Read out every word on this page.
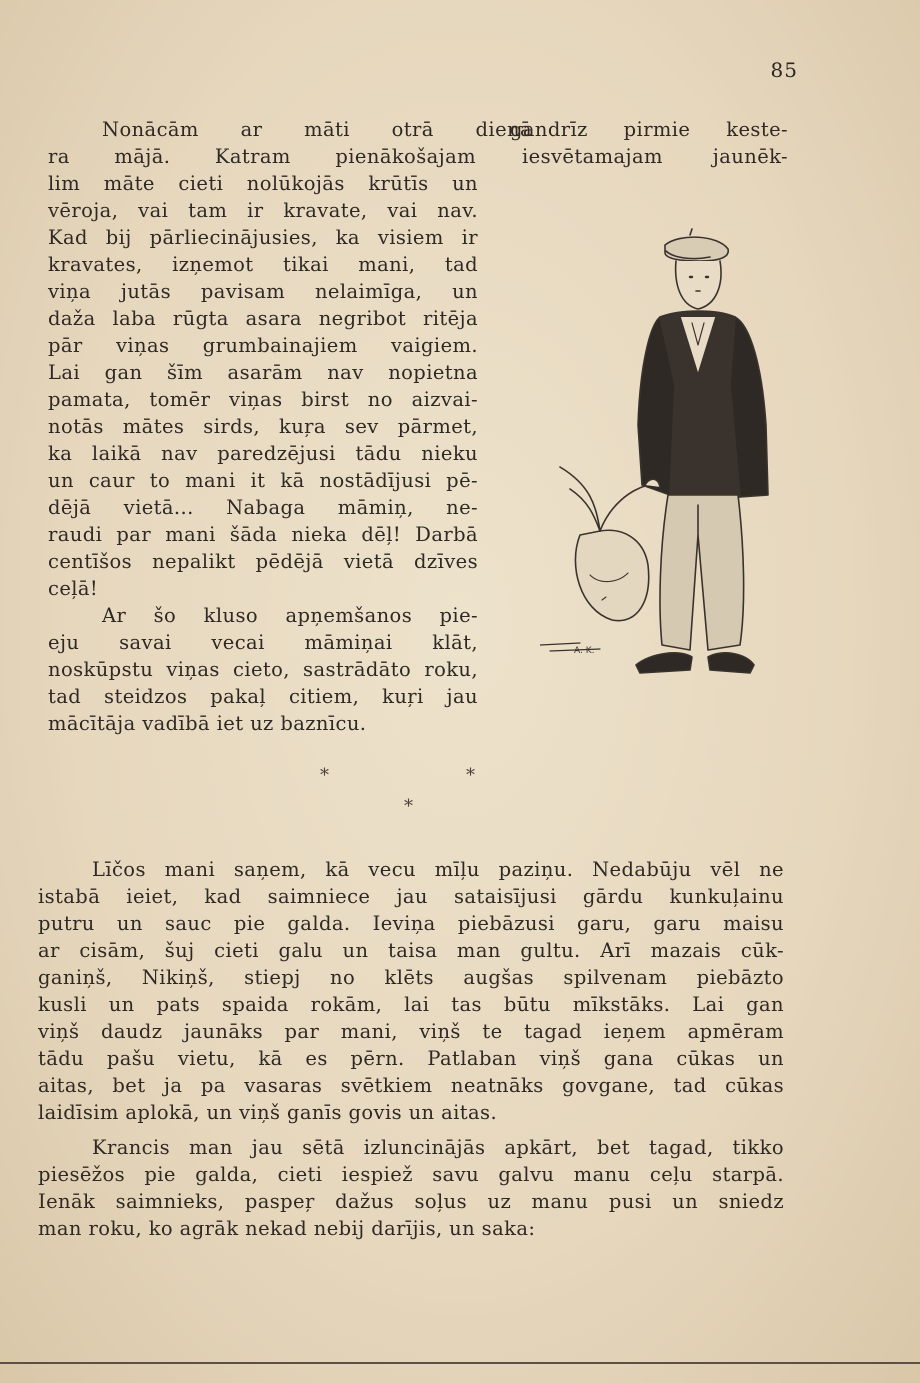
85
Nonācām ar māti otrā dienā
gandrīz pirmie keste-
ra mājā. Katram pienākošajam iesvētamajam jaunēk-
lim māte cieti nolūkojās krūtīs un
vēroja, vai tam ir kravate, vai nav.
Kad bij pārliecinājusies, ka visiem ir
kravates, izņemot tikai mani, tad
viņa jutās pavisam nelaimīga, un
daža laba rūgta asara negribot ritēja
pār viņas grumbainajiem vaigiem.
Lai gan šīm asarām nav nopietna
pamata, tomēr viņas birst no aizvai-
notās mātes sirds, kuŗa sev pārmet,
ka laikā nav paredzējusi tādu nieku
un caur to mani it kā nostādījusi pē-
dējā vietā... Nabaga māmiņ, ne-
raudi par mani šāda nieka dēļ! Darbā
centīšos nepalikt pēdējā vietā dzīves
ceļā!
Ar šo kluso apņemšanos pie-
eju savai vecai māmiņai klāt,
noskūpstu viņas cieto, sastrādāto roku,
tad steidzos pakaļ citiem, kuŗi jau
mācītāja vadībā iet uz baznīcu.
A. K.
*	*
*
Līčos mani saņem, kā vecu mīļu paziņu. Nedabūju vēl ne
istabā ieiet, kad saimniece jau sataisījusi gārdu kunkuļainu
putru un sauc pie galda. Ieviņa piebāzusi garu, garu maisu
ar cisām, šuj cieti galu un taisa man gultu. Arī mazais cūk-
ganiņš, Nikiņš, stiepj no klēts augšas spilvenam piebāzto
kusli un pats spaida rokām, lai tas būtu mīkstāks. Lai gan
viņš daudz jaunāks par mani, viņš te tagad ieņem apmēram
tādu pašu vietu, kā es pērn. Patlaban viņš gana cūkas un
aitas, bet ja pa vasaras svētkiem neatnāks govgane, tad cūkas
laidīsim aplokā, un viņš ganīs govis un aitas.
Krancis man jau sētā izluncinājās apkārt, bet tagad, tikko
piesēžos pie galda, cieti iespiež savu galvu manu ceļu starpā.
Ienāk saimnieks, paspeŗ dažus soļus uz manu pusi un sniedz
man roku, ko agrāk nekad nebij darījis, un saka:
